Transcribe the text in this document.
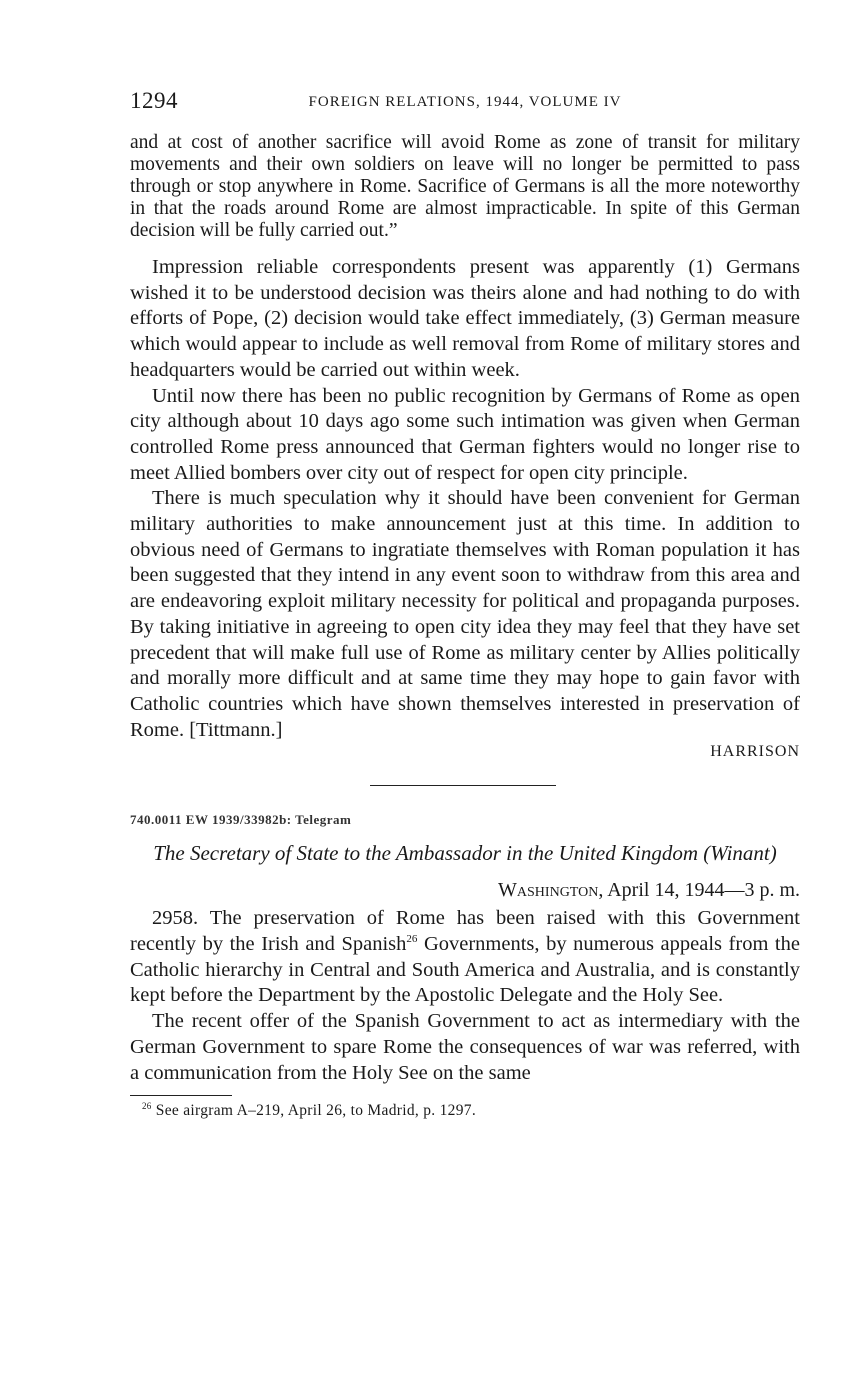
1294	FOREIGN RELATIONS, 1944, VOLUME IV
and at cost of another sacrifice will avoid Rome as zone of transit for military movements and their own soldiers on leave will no longer be permitted to pass through or stop anywhere in Rome. Sacrifice of Germans is all the more noteworthy in that the roads around Rome are almost impracticable. In spite of this German decision will be fully carried out.”

Impression reliable correspondents present was apparently (1) Germans wished it to be understood decision was theirs alone and had nothing to do with efforts of Pope, (2) decision would take effect immediately, (3) German measure which would appear to include as well removal from Rome of military stores and headquarters would be carried out within week.

Until now there has been no public recognition by Germans of Rome as open city although about 10 days ago some such intimation was given when German controlled Rome press announced that German fighters would no longer rise to meet Allied bombers over city out of respect for open city principle.

There is much speculation why it should have been convenient for German military authorities to make announcement just at this time. In addition to obvious need of Germans to ingratiate themselves with Roman population it has been suggested that they intend in any event soon to withdraw from this area and are endeavoring exploit military necessity for political and propaganda purposes. By taking initiative in agreeing to open city idea they may feel that they have set precedent that will make full use of Rome as military center by Allies politically and morally more difficult and at same time they may hope to gain favor with Catholic countries which have shown themselves interested in preservation of Rome. [Tittmann.]

HARRISON
740.0011 EW 1939/33982b: Telegram
The Secretary of State to the Ambassador in the United Kingdom (Winant)
Washington, April 14, 1944—3 p. m.

2958. The preservation of Rome has been raised with this Government recently by the Irish and Spanish$^{26}$ Governments, by numerous appeals from the Catholic hierarchy in Central and South America and Australia, and is constantly kept before the Department by the Apostolic Delegate and the Holy See.

The recent offer of the Spanish Government to act as intermediary with the German Government to spare Rome the consequences of war was referred, with a communication from the Holy See on the same

$^{26}$ See airgram A–219, April 26, to Madrid, p. 1297.
